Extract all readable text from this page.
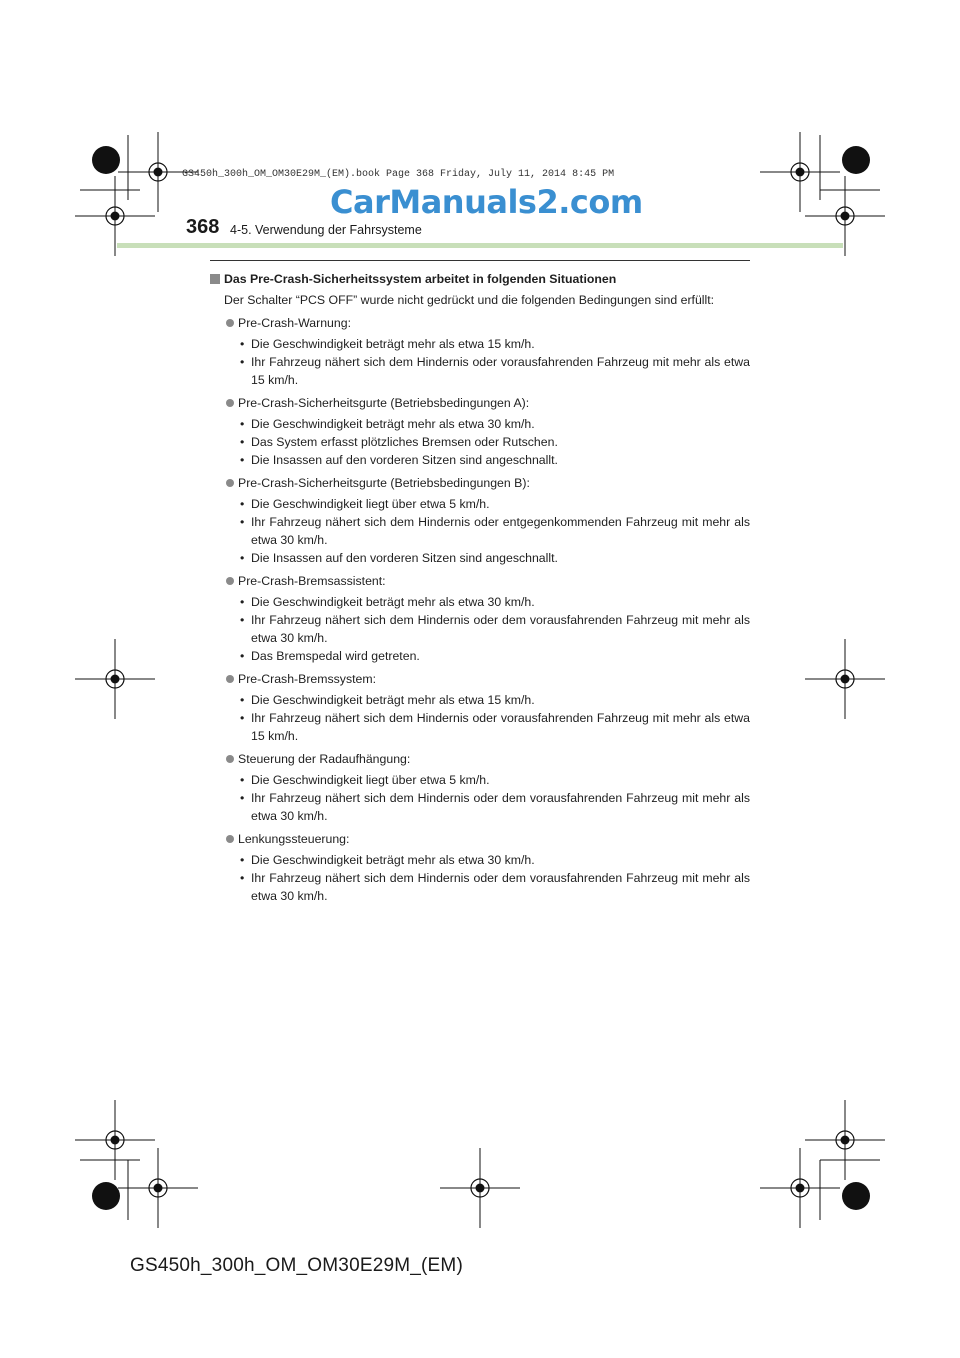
GS450h_300h_OM_OM30E29M_(EM).book Page 368 Friday, July 11, 2014 8:45 PM
CarManuals2.com
368 4-5. Verwendung der Fahrsysteme

Das Pre-Crash-Sicherheitssystem arbeitet in folgenden Situationen

Der Schalter “PCS OFF” wurde nicht gedrückt und die folgenden Bedingungen sind erfüllt:

Pre-Crash-Warnung:
• Die Geschwindigkeit beträgt mehr als etwa 15 km/h.
• Ihr Fahrzeug nähert sich dem Hindernis oder vorausfahrenden Fahrzeug mit mehr als etwa 15 km/h.
Pre-Crash-Sicherheitsgurte (Betriebsbedingungen A):
• Die Geschwindigkeit beträgt mehr als etwa 30 km/h.
• Das System erfasst plötzliches Bremsen oder Rutschen.
• Die Insassen auf den vorderen Sitzen sind angeschnallt.
Pre-Crash-Sicherheitsgurte (Betriebsbedingungen B):
• Die Geschwindigkeit liegt über etwa 5 km/h.
• Ihr Fahrzeug nähert sich dem Hindernis oder entgegenkommenden Fahrzeug mit mehr als etwa 30 km/h.
• Die Insassen auf den vorderen Sitzen sind angeschnallt.
Pre-Crash-Bremsassistent:
• Die Geschwindigkeit beträgt mehr als etwa 30 km/h.
• Ihr Fahrzeug nähert sich dem Hindernis oder dem vorausfahrenden Fahrzeug mit mehr als etwa 30 km/h.
• Das Bremspedal wird getreten.
Pre-Crash-Bremssystem:
• Die Geschwindigkeit beträgt mehr als etwa 15 km/h.
• Ihr Fahrzeug nähert sich dem Hindernis oder vorausfahrenden Fahrzeug mit mehr als etwa 15 km/h.
Steuerung der Radaufhängung:
• Die Geschwindigkeit liegt über etwa 5 km/h.
• Ihr Fahrzeug nähert sich dem Hindernis oder dem vorausfahrenden Fahrzeug mit mehr als etwa 30 km/h.
Lenkungssteuerung:
• Die Geschwindigkeit beträgt mehr als etwa 30 km/h.
• Ihr Fahrzeug nähert sich dem Hindernis oder dem vorausfahrenden Fahrzeug mit mehr als etwa 30 km/h.
GS450h_300h_OM_OM30E29M_(EM)
